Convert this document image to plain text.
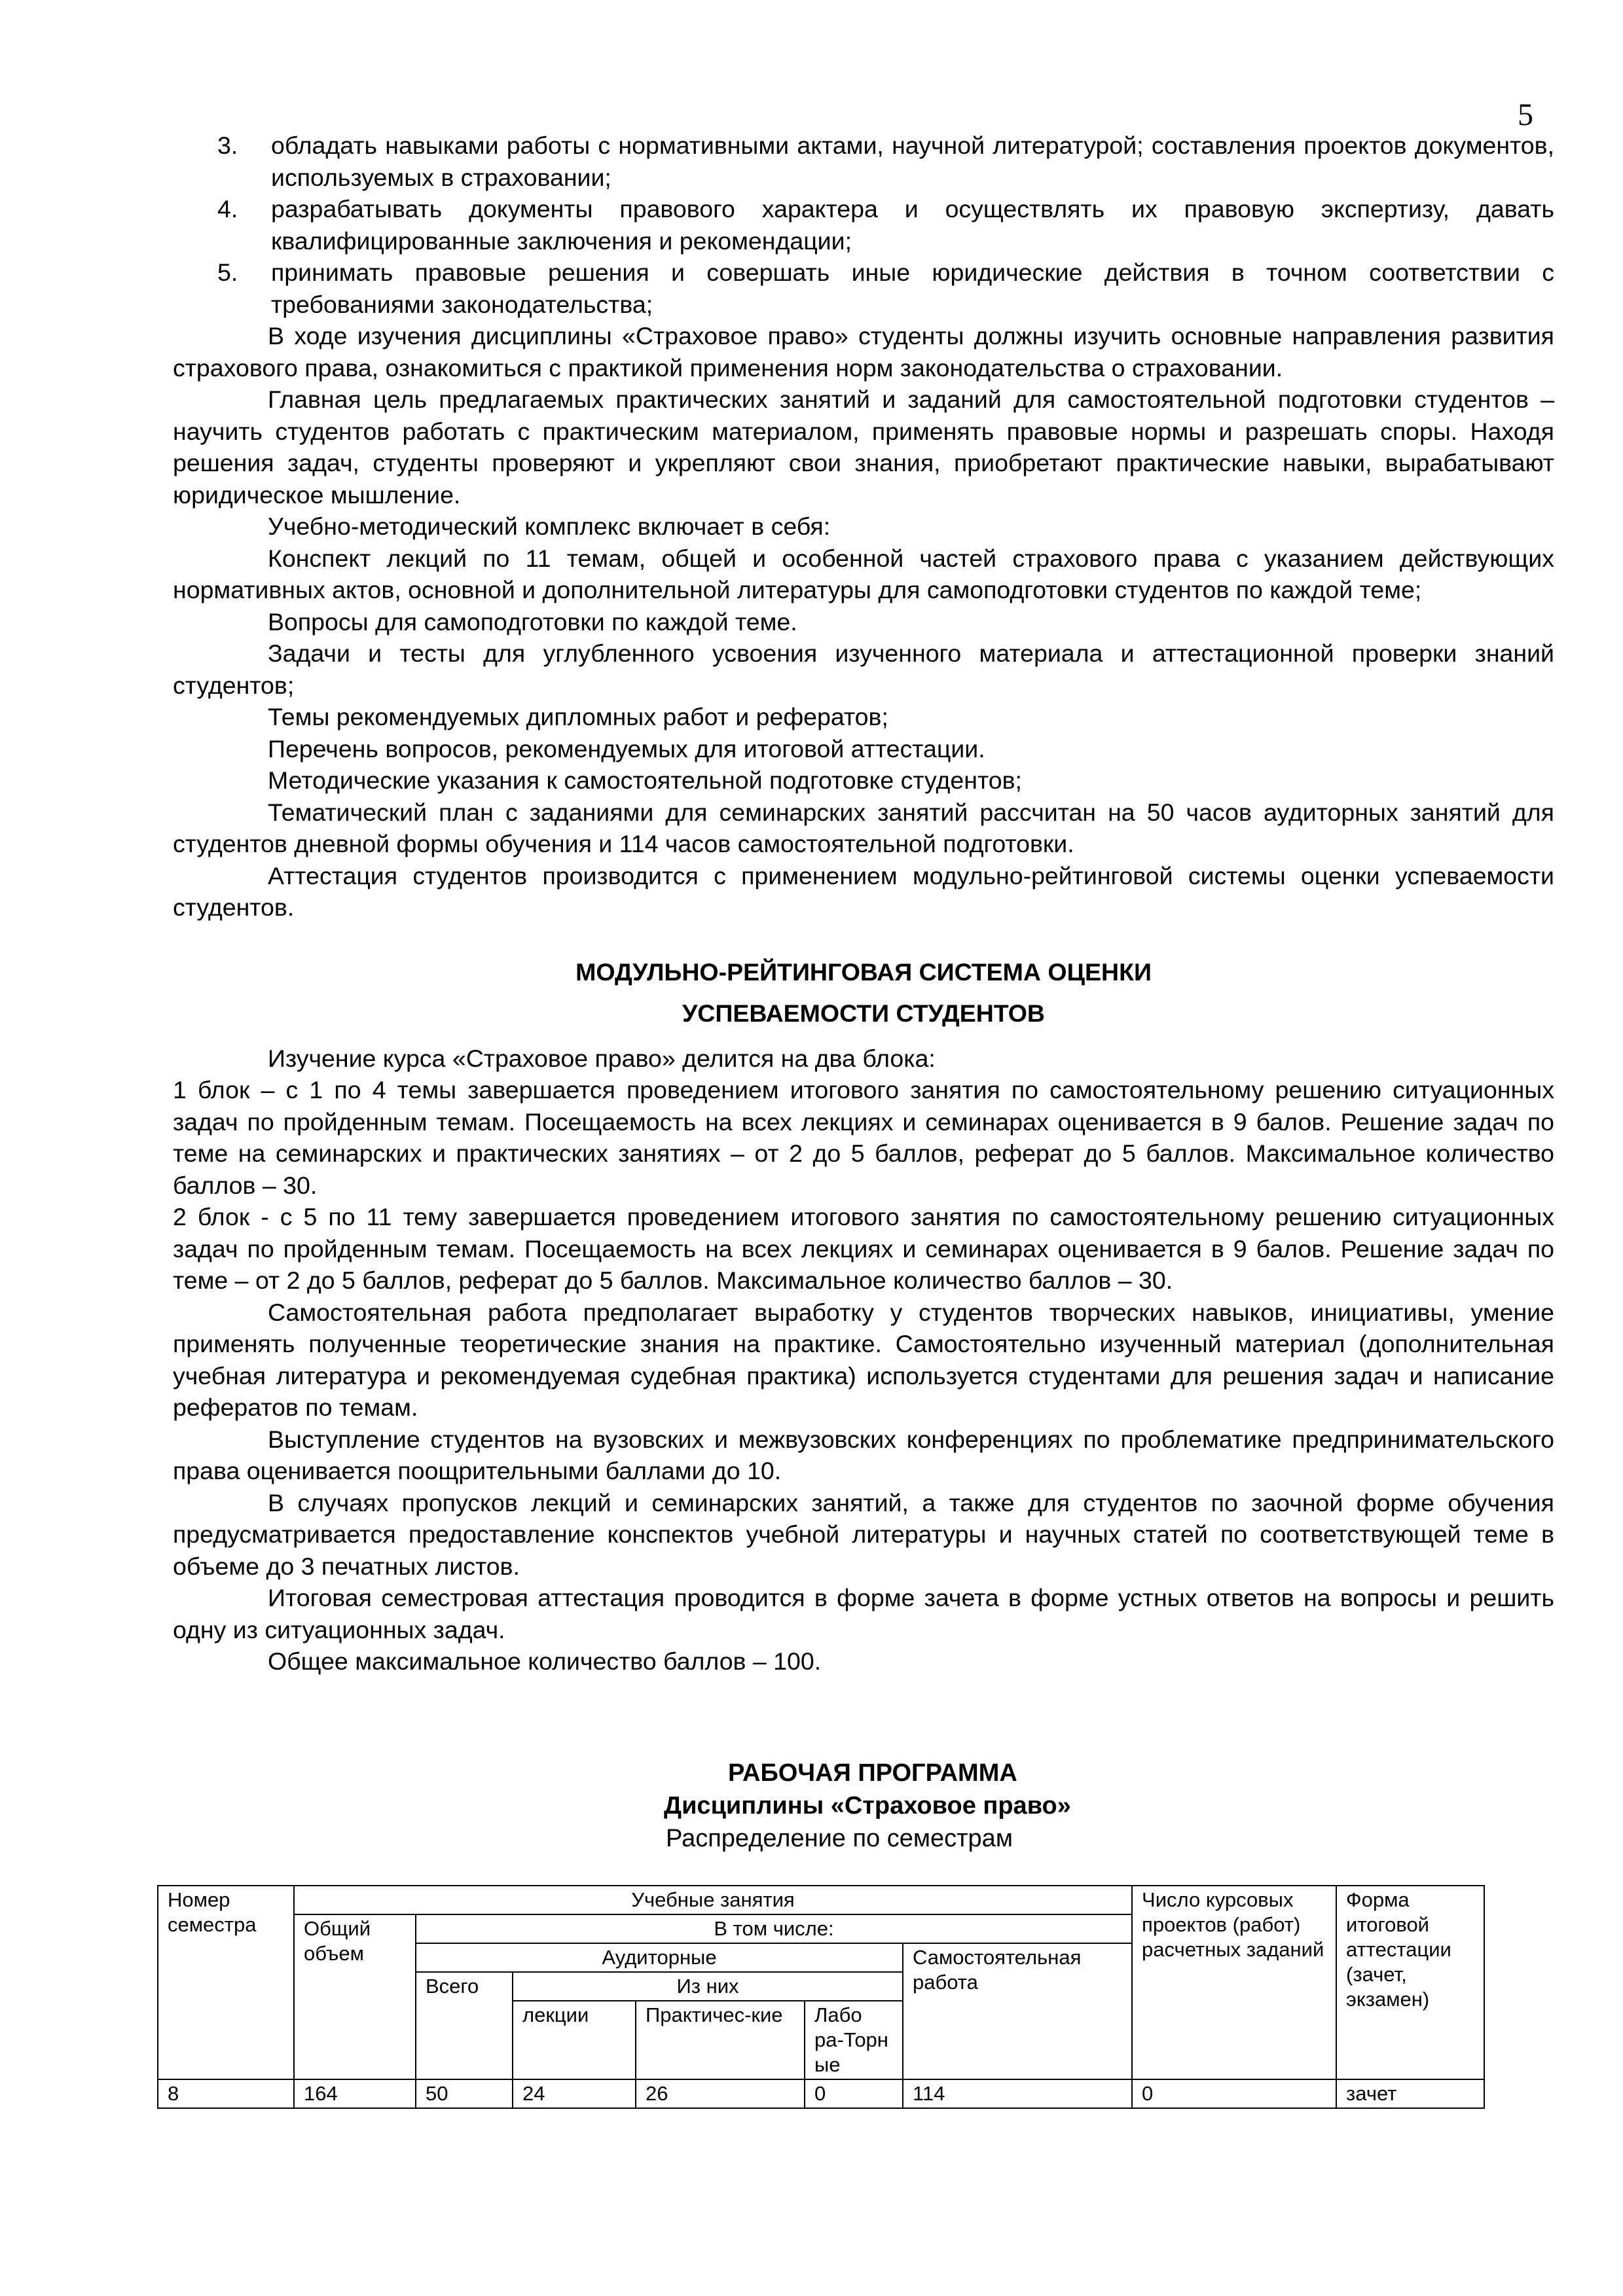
5
3. обладать навыками работы с нормативными актами, научной литературой; составления проектов документов, используемых в страховании;
4. разрабатывать документы правового характера и осуществлять их правовую экспертизу, давать квалифицированные заключения и рекомендации;
5. принимать правовые решения и совершать иные юридические действия в точном соответствии с требованиями законодательства;
В ходе изучения дисциплины «Страховое право» студенты должны изучить основные направления развития страхового права, ознакомиться с практикой применения норм законодательства о страховании.
Главная цель предлагаемых практических занятий и заданий для самостоятельной подготовки студентов – научить студентов работать с практическим материалом, применять правовые нормы и разрешать споры. Находя решения задач, студенты проверяют и укрепляют свои знания, приобретают практические навыки, вырабатывают юридическое мышление.
Учебно-методический комплекс включает в себя:
Конспект лекций по 11 темам, общей и особенной частей страхового права с указанием действующих нормативных актов, основной и дополнительной литературы для самоподготовки студентов по каждой теме;
Вопросы для самоподготовки по каждой теме.
Задачи и тесты для углубленного усвоения изученного материала и аттестационной проверки знаний студентов;
Темы рекомендуемых дипломных работ и рефератов;
Перечень вопросов, рекомендуемых для итоговой аттестации.
Методические указания к самостоятельной подготовке студентов;
Тематический план с заданиями для семинарских занятий рассчитан на 50 часов аудиторных занятий для студентов дневной формы обучения и 114 часов самостоятельной подготовки.
Аттестация студентов производится с применением модульно-рейтинговой системы оценки успеваемости студентов.
МОДУЛЬНО-РЕЙТИНГОВАЯ СИСТЕМА ОЦЕНКИ
УСПЕВАЕМОСТИ СТУДЕНТОВ
Изучение курса «Страховое право» делится на два блока:
1 блок – с 1 по 4 темы завершается проведением итогового занятия по самостоятельному решению ситуационных задач по пройденным темам. Посещаемость на всех лекциях и семинарах оценивается в 9 балов. Решение задач по теме на семинарских и практических занятиях – от 2 до 5 баллов, реферат до 5 баллов. Максимальное количество баллов – 30.
2 блок - с 5 по 11 тему завершается проведением итогового занятия по самостоятельному решению ситуационных задач по пройденным темам. Посещаемость на всех лекциях и семинарах оценивается в 9 балов. Решение задач по теме – от 2 до 5 баллов, реферат до 5 баллов. Максимальное количество баллов – 30.
Самостоятельная работа предполагает выработку у студентов творческих навыков, инициативы, умение применять полученные теоретические знания на практике. Самостоятельно изученный материал (дополнительная учебная литература и рекомендуемая судебная практика) используется студентами для решения задач и написание рефератов по темам.
Выступление студентов на вузовских и межвузовских конференциях по проблематике предпринимательского права оценивается поощрительными баллами до 10.
В случаях пропусков лекций и семинарских занятий, а также для студентов по заочной форме обучения предусматривается предоставление конспектов учебной литературы и научных статей по соответствующей теме в объеме до 3 печатных листов.
Итоговая семестровая аттестация проводится в форме зачета в форме устных ответов на вопросы и решить одну из ситуационных задач.
Общее максимальное количество баллов – 100.
РАБОЧАЯ ПРОГРАММА
Дисциплины «Страховое право»
Распределение по семестрам
Номер семестра	Учебные занятия						Число курсовых проектов (работ) расчетных заданий	Форма итоговой аттестации (зачет, экзамен)
	Общий объем	В том числе:						
		Аудиторные				Самостоятельная работа		
		Всего	Из них					
			лекции	Практичес-кие	Лабо ра-Торн ые			
8	164	50	24	26	0	114	0	зачет
